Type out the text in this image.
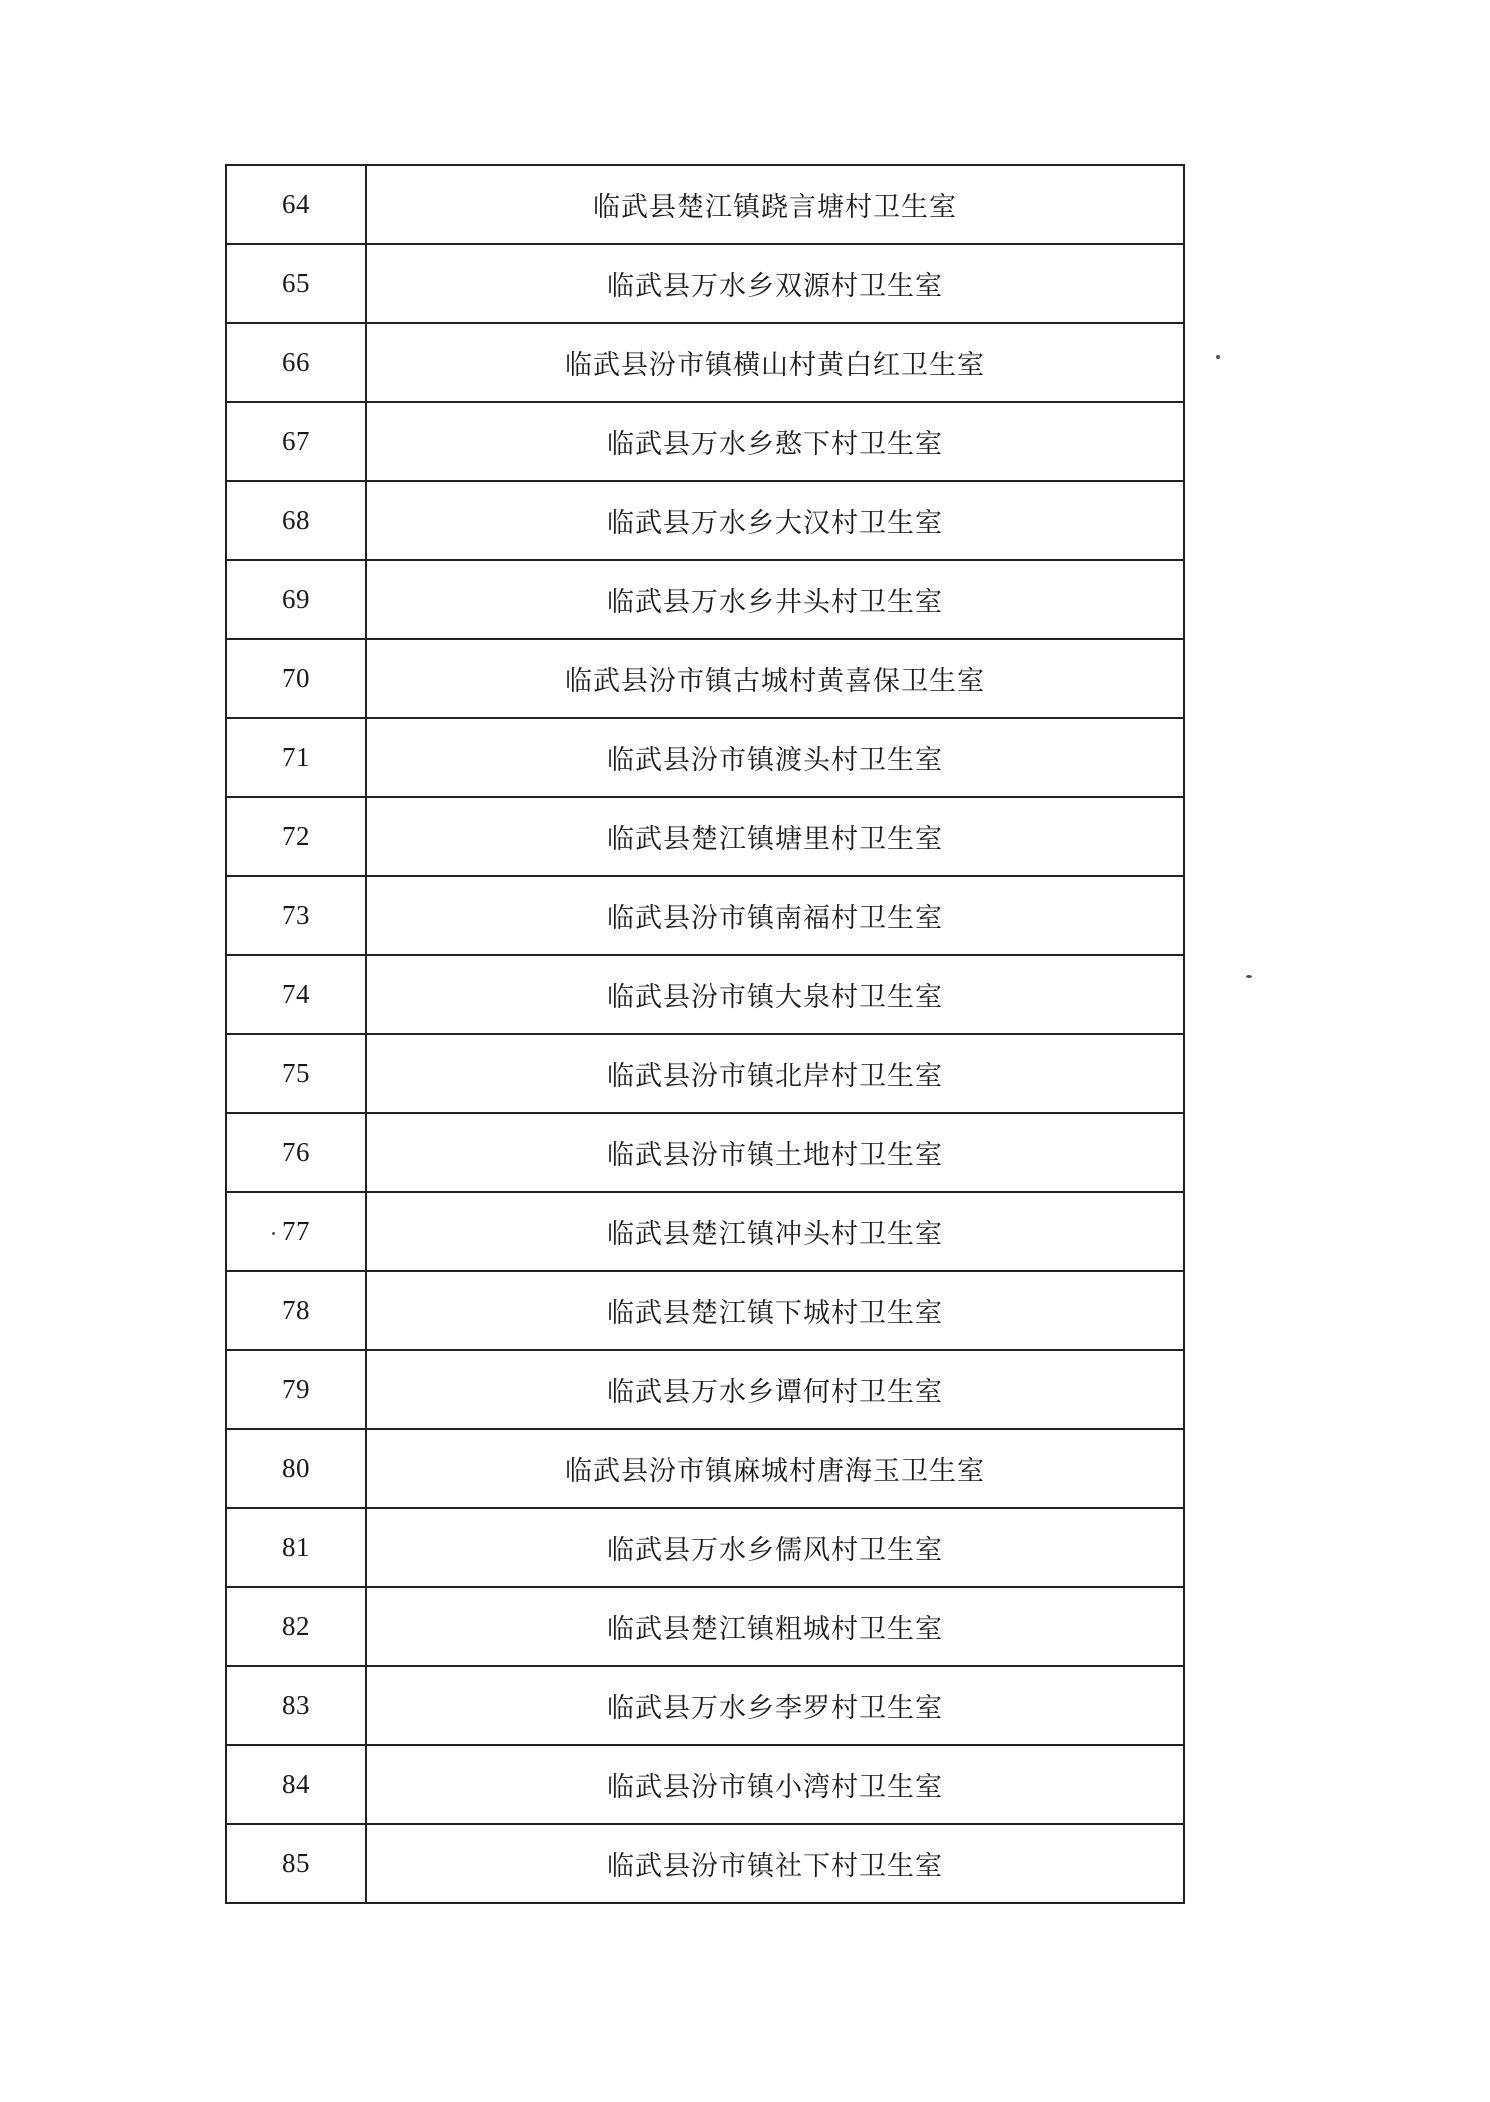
64	临武县楚江镇跷言塘村卫生室
65	临武县万水乡双源村卫生室
66	临武县汾市镇横山村黄白红卫生室
67	临武县万水乡憨下村卫生室
68	临武县万水乡大汉村卫生室
69	临武县万水乡井头村卫生室
70	临武县汾市镇古城村黄喜保卫生室
71	临武县汾市镇渡头村卫生室
72	临武县楚江镇塘里村卫生室
73	临武县汾市镇南福村卫生室
74	临武县汾市镇大泉村卫生室
75	临武县汾市镇北岸村卫生室
76	临武县汾市镇土地村卫生室
77	临武县楚江镇冲头村卫生室
78	临武县楚江镇下城村卫生室
79	临武县万水乡谭何村卫生室
80	临武县汾市镇麻城村唐海玉卫生室
81	临武县万水乡儒风村卫生室
82	临武县楚江镇粗城村卫生室
83	临武县万水乡李罗村卫生室
84	临武县汾市镇小湾村卫生室
85	临武县汾市镇社下村卫生室
